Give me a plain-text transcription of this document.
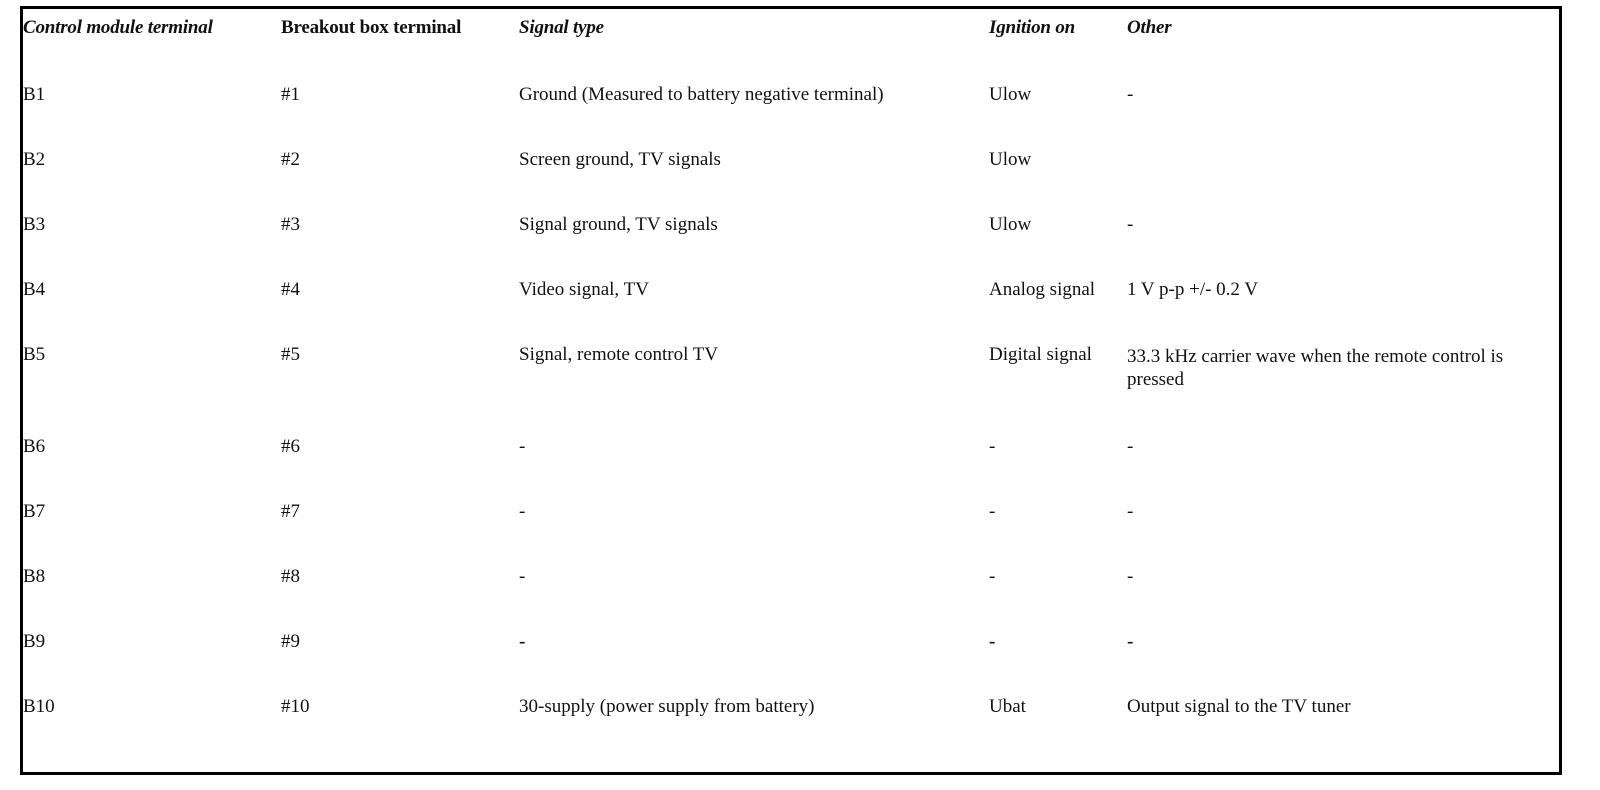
Control module terminal	Breakout box terminal	Signal type	Ignition on	Other
B1	#1	Ground (Measured to battery negative terminal)	Ulow	-
B2	#2	Screen ground, TV signals	Ulow	
B3	#3	Signal ground, TV signals	Ulow	-
B4	#4	Video signal, TV	Analog signal	1 V p-p +/- 0.2 V
B5	#5	Signal, remote control TV	Digital signal	33.3 kHz carrier wave when the remote control is pressed
B6	#6	-	-	-
B7	#7	-	-	-
B8	#8	-	-	-
B9	#9	-	-	-
B10	#10	30-supply (power supply from battery)	Ubat	Output signal to the TV tuner
